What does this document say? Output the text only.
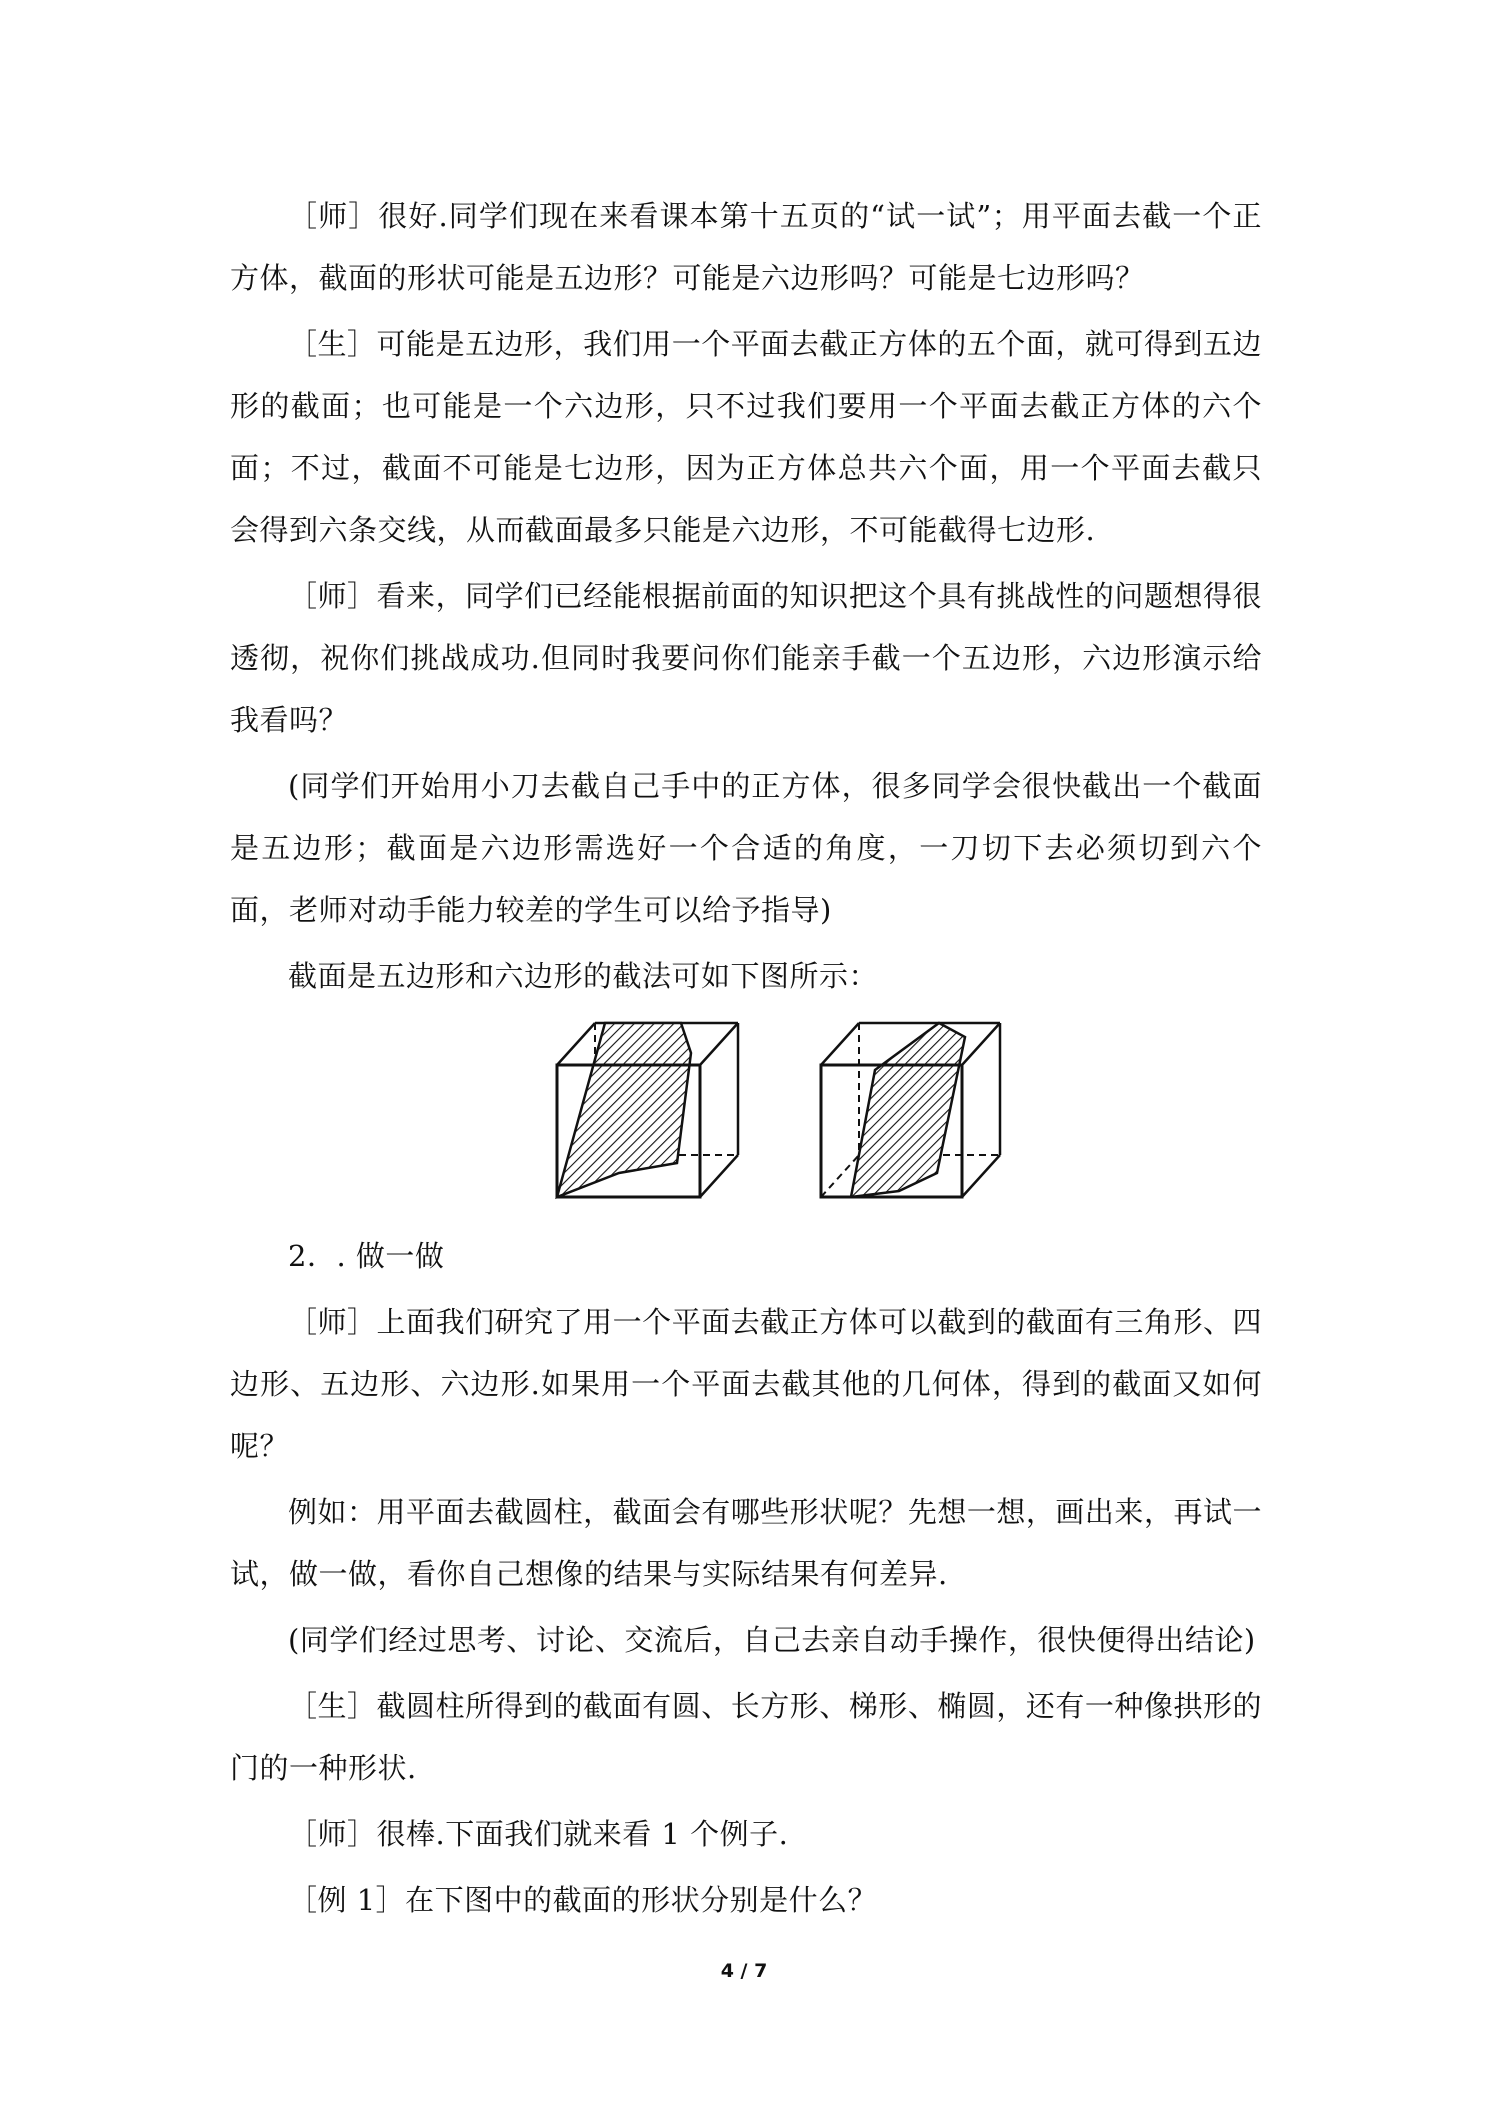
［师］很好.同学们现在来看课本第十五页的“试一试”；用平面去截一个正方体，截面的形状可能是五边形？可能是六边形吗？可能是七边形吗？

［生］可能是五边形，我们用一个平面去截正方体的五个面，就可得到五边形的截面；也可能是一个六边形，只不过我们要用一个平面去截正方体的六个面；不过，截面不可能是七边形，因为正方体总共六个面，用一个平面去截只会得到六条交线，从而截面最多只能是六边形，不可能截得七边形.

［师］看来，同学们已经能根据前面的知识把这个具有挑战性的问题想得很透彻，祝你们挑战成功.但同时我要问你们能亲手截一个五边形，六边形演示给我看吗？

(同学们开始用小刀去截自己手中的正方体，很多同学会很快截出一个截面是五边形；截面是六边形需选好一个合适的角度，一刀切下去必须切到六个面，老师对动手能力较差的学生可以给予指导)

截面是五边形和六边形的截法可如下图所示：

2．. 做一做

［师］上面我们研究了用一个平面去截正方体可以截到的截面有三角形、四边形、五边形、六边形.如果用一个平面去截其他的几何体，得到的截面又如何呢？

例如：用平面去截圆柱，截面会有哪些形状呢？先想一想，画出来，再试一试，做一做，看你自己想像的结果与实际结果有何差异.

(同学们经过思考、讨论、交流后，自己去亲自动手操作，很快便得出结论)

［生］截圆柱所得到的截面有圆、长方形、梯形、椭圆，还有一种像拱形的门的一种形状.

［师］很棒.下面我们就来看 1 个例子.

［例 1］在下图中的截面的形状分别是什么？

4 / 7
